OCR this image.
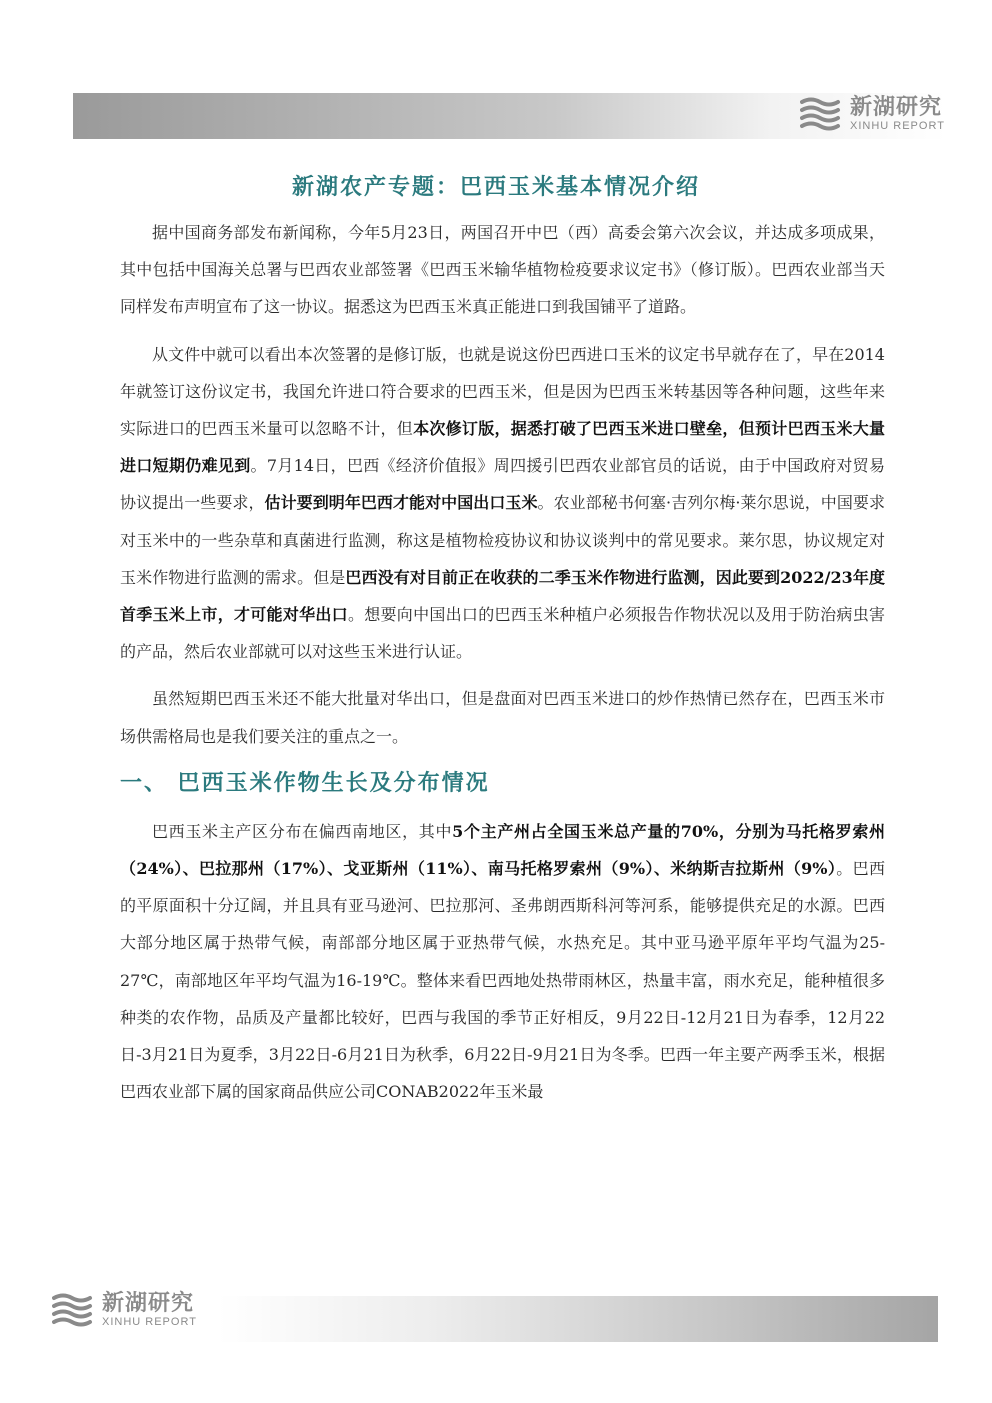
新湖研究
XINHU REPORT
新湖农产专题：巴西玉米基本情况介绍

据中国商务部发布新闻称，今年5月23日，两国召开中巴（西）高委会第六次会议，并达成多项成果，其中包括中国海关总署与巴西农业部签署《巴西玉米输华植物检疫要求议定书》（修订版）。巴西农业部当天同样发布声明宣布了这一协议。据悉这为巴西玉米真正能进口到我国铺平了道路。

从文件中就可以看出本次签署的是修订版，也就是说这份巴西进口玉米的议定书早就存在了，早在2014年就签订这份议定书，我国允许进口符合要求的巴西玉米，但是因为巴西玉米转基因等各种问题，这些年来实际进口的巴西玉米量可以忽略不计，但本次修订版，据悉打破了巴西玉米进口壁垒，但预计巴西玉米大量进口短期仍难见到。7月14日，巴西《经济价值报》周四援引巴西农业部官员的话说，由于中国政府对贸易协议提出一些要求，估计要到明年巴西才能对中国出口玉米。农业部秘书何塞·吉列尔梅·莱尔思说，中国要求对玉米中的一些杂草和真菌进行监测，称这是植物检疫协议和协议谈判中的常见要求。莱尔思，协议规定对玉米作物进行监测的需求。但是巴西没有对目前正在收获的二季玉米作物进行监测，因此要到2022/23年度首季玉米上市，才可能对华出口。想要向中国出口的巴西玉米种植户必须报告作物状况以及用于防治病虫害的产品，然后农业部就可以对这些玉米进行认证。

虽然短期巴西玉米还不能大批量对华出口，但是盘面对巴西玉米进口的炒作热情已然存在，巴西玉米市场供需格局也是我们要关注的重点之一。

一、 巴西玉米作物生长及分布情况

巴西玉米主产区分布在偏西南地区，其中5个主产州占全国玉米总产量的70%，分别为马托格罗索州（24%）、巴拉那州（17%）、戈亚斯州（11%）、南马托格罗索州（9%）、米纳斯吉拉斯州（9%）。巴西的平原面积十分辽阔，并且具有亚马逊河、巴拉那河、圣弗朗西斯科河等河系，能够提供充足的水源。巴西大部分地区属于热带气候，南部部分地区属于亚热带气候，水热充足。其中亚马逊平原年平均气温为25-27℃，南部地区年平均气温为16-19℃。整体来看巴西地处热带雨林区，热量丰富，雨水充足，能种植很多种类的农作物，品质及产量都比较好，巴西与我国的季节正好相反，9月22日-12月21日为春季，12月22日-3月21日为夏季，3月22日-6月21日为秋季，6月22日-9月21日为冬季。巴西一年主要产两季玉米，根据巴西农业部下属的国家商品供应公司CONAB2022年玉米最

新湖研究
XINHU REPORT
